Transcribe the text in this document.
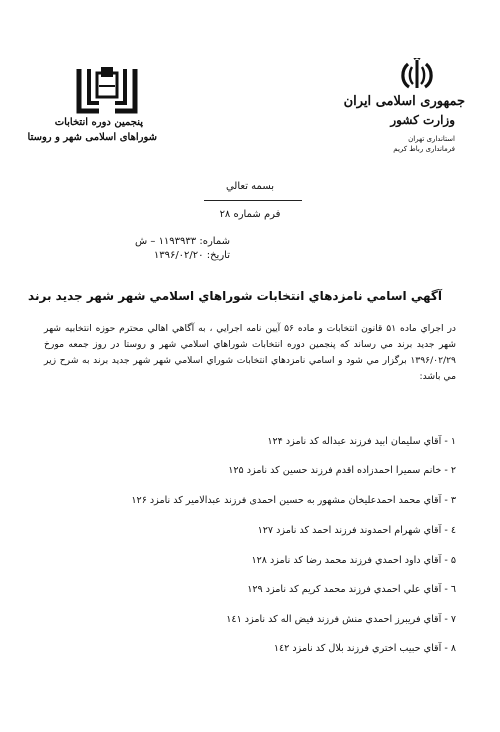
جمهوری اسلامی ایران
وزارت کشور
استانداری تهران
فرمانداری رباط کریم
پنجمین دوره انتخابات
شوراهای اسلامی شهر و روستا
بسمه تعالي
فرم شماره ۲۸
شماره: ۱۱۹۳۹۳۳ – ش
تاريخ: ۱۳۹۶/۰۲/۲۰
آگهي اسامي نامزدهاي انتخابات شوراهاي اسلامي شهر شهر جديد برند
در اجراي ماده ۵۱ قانون انتخابات و ماده ۵۶ آيين نامه اجرايي ، به آگاهي اهالي محترم حوزه انتخابيه شهر شهر جديد برند مي رساند كه پنجمين دوره انتخابات شوراهاي اسلامي شهر و روستا در روز جمعه مورخ ۱۳۹۶/۰۲/۲۹ برگزار مي شود و اسامي نامزدهاي انتخابات شوراي اسلامي شهر شهر جديد برند به شرح زير مي باشد:
۱ - آقاي سليمان ابيد فرزند عبداله كد نامزد ۱۲۴
۲ - خانم سميرا احمدزاده اقدم فرزند حسين كد نامزد ۱۲۵
۳ - آقاي محمد احمدعليخان مشهور به حسين احمدی فرزند عبدالامير كد نامزد ۱۲۶
٤ - آقاي شهرام احمدوند فرزند احمد كد نامزد ۱۲۷
۵ - آقاي داود احمدي فرزند محمد رضا كد نامزد ۱۲۸
٦ - آقاي علي احمدي فرزند محمد كريم كد نامزد ۱۲۹
۷ - آقاي فريبرز احمدي منش فرزند فيض اله كد نامزد ۱٤۱
۸ - آقاي حبيب اختري فرزند بلال كد نامزد ۱٤۲
